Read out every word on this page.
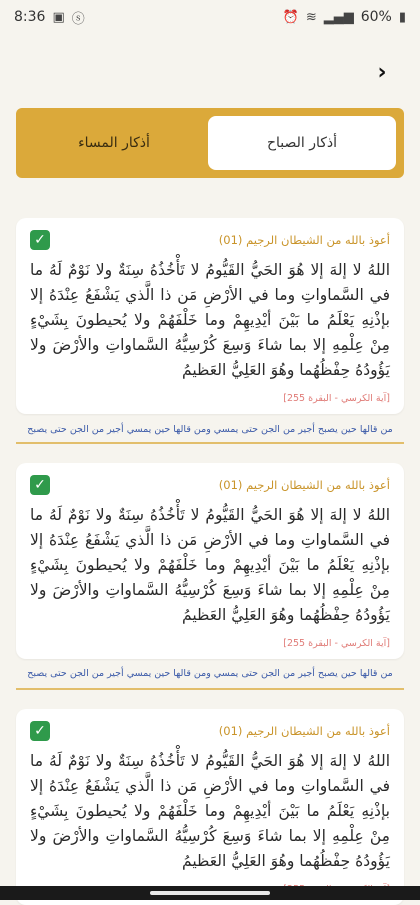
8:36 ▣ ⓢ	⏰ ≋ ▂▄▆ 60% ▮
›
أذكار المساء	أذكار الصباح
أعوذ بالله من الشيطان الرجيم (01)
✓
اللهُ لا إلهَ إلا هُوَ الحَيُّ القَيُّومُ لا تَأْخُذُهُ سِنَةٌ ولا نَوْمٌ لَهُ ما في السَّماواتِ وما في الأرْضِ مَن ذا الَّذي يَشْفَعُ عِنْدَهُ إلا بإذْنِهِ يَعْلَمُ ما بَيْنَ أيْدِيهِمْ وما خَلْفَهُمْ ولا يُحيطونَ بِشَيْءٍ مِنْ عِلْمِهِ إلا بما شاءَ وَسِعَ كُرْسِيُّهُ السَّماواتِ والأرْضَ ولا يَؤُودُهُ حِفْظُهُما وهُوَ العَلِيُّ العَظيمُ
[آية الكرسي - البقرة 255]
من قالها حين يصبح أجير من الجن حتى يمسي ومن قالها حين يمسي أجير من الجن حتى يصبح
أعوذ بالله من الشيطان الرجيم (01)
✓
اللهُ لا إلهَ إلا هُوَ الحَيُّ القَيُّومُ لا تَأْخُذُهُ سِنَةٌ ولا نَوْمٌ لَهُ ما في السَّماواتِ وما في الأرْضِ مَن ذا الَّذي يَشْفَعُ عِنْدَهُ إلا بإذْنِهِ يَعْلَمُ ما بَيْنَ أيْدِيهِمْ وما خَلْفَهُمْ ولا يُحيطونَ بِشَيْءٍ مِنْ عِلْمِهِ إلا بما شاءَ وَسِعَ كُرْسِيُّهُ السَّماواتِ والأرْضَ ولا يَؤُودُهُ حِفْظُهُما وهُوَ العَلِيُّ العَظيمُ
[آية الكرسي - البقرة 255]
من قالها حين يصبح أجير من الجن حتى يمسي ومن قالها حين يمسي أجير من الجن حتى يصبح
أعوذ بالله من الشيطان الرجيم (01)
✓
اللهُ لا إلهَ إلا هُوَ الحَيُّ القَيُّومُ لا تَأْخُذُهُ سِنَةٌ ولا نَوْمٌ لَهُ ما في السَّماواتِ وما في الأرْضِ مَن ذا الَّذي يَشْفَعُ عِنْدَهُ إلا بإذْنِهِ يَعْلَمُ ما بَيْنَ أيْدِيهِمْ وما خَلْفَهُمْ ولا يُحيطونَ بِشَيْءٍ مِنْ عِلْمِهِ إلا بما شاءَ وَسِعَ كُرْسِيُّهُ السَّماواتِ والأرْضَ ولا يَؤُودُهُ حِفْظُهُما وهُوَ العَلِيُّ العَظيمُ
